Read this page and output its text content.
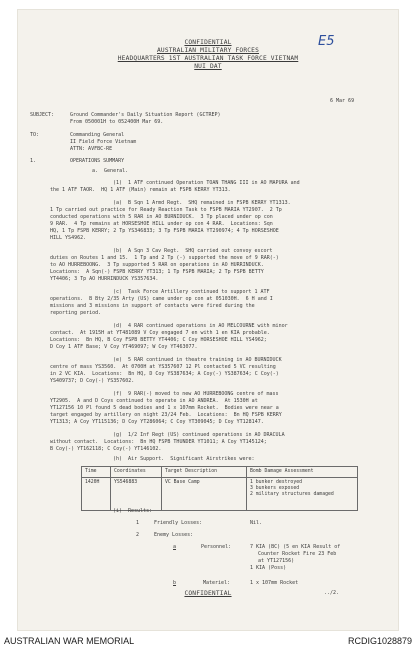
CONFIDENTIAL
AUSTRALIAN MILITARY FORCES
HEADQUARTERS 1ST AUSTRALIAN TASK FORCE VIETNAM
NUI DAT
E5
6 Mar 69
SUBJECT:	Ground Commander's Daily Situation Report (GCTREP)
From 050001H to 052400H Mar 69.
TO:	Commanding General
II Field Force Vietnam
ATTN: AVFBC-RE
1.	OPERATIONS SUMMARY
a.  General.
(1)  1 ATF continued Operation TOAN THANG III in AO MAPURA and
the 1 ATF TAOR.  HQ 1 ATF (Main) remain at FSPB KERRY YT313.
(a)  B Sqn 1 Armd Regt.  SHQ remained in FSPB KERRY YT1313.
1 Tp carried out practice for Ready Reaction Task to FSPB MARIA YT2907.  2 Tp
conducted operations with 5 RAR in AO BURNIDUCK.  3 Tp placed under op con
9 RAR.  4 Tp remains at HORSESHOE HILL under op con 4 RAR.  Locations: Sqn
HQ, 1 Tp FSPB KERRY; 2 Tp YS346833; 3 Tp FSPB MARIA YT290974; 4 Tp HORSESHOE
HILL YS4962.
(b)  A Sqn 3 Cav Regt.  SHQ carried out convoy escort
duties on Routes 1 and 15.  1 Tp and 2 Tp (-) supported the move of 9 RAR(-)
to AO HURREBOONG.  3 Tp supported 5 RAR on operations in AO HURRINDUCK.
Locations:  A Sqn(-) FSPB KERRY YT313; 1 Tp FSPB MARIA; 2 Tp FSPB BETTY
YT4406; 3 Tp AO HURRINDUCK YS357634.
(c)  Task Force Artillery continued to support 1 ATF
operations.  B Bty 2/35 Arty (US) came under op con at 051030H.  6 H and I
missions and 3 missions in support of contacts were fired during the
reporting period.
(d)  4 RAR continued operations in AO MELCOURNE with minor
contact.  At 1915H at YT481089 V Coy engaged 7 en with 1 en KIA probable.
Locations:  Bn HQ, B Coy FSPB BETTY YT4406; C Coy HORSESHOE HILL YS4962;
D Coy 1 ATF Base; V Coy YT469097; W Coy YT463077.
(e)  5 RAR continued in theatre training in AO BURNIDUCK
centre of mass YS3560.  At 0700H at YS357607 12 Pl contacted 5 VC resulting
in 2 VC KIA.  Locations:  Bn HQ, D Coy YS387634; A Coy(-) YS387634; C Coy(-)
YS409737; D Coy(-) YS357602.
(f)  9 RAR(-) moved to new AO HURREBOONG centre of mass
YT2905.  A and D Coys continued to operate in AO ANDREA.  At 1530H at
YT127156 10 Pl found 5 dead bodies and 1 x 107mm Rocket.  Bodies were near a
target engaged by artillery on night 23/24 Feb.  Locations:  Bn HQ FSPB KERRY
YT1313; A Coy YT115136; D Coy YT286064; C Coy YT309045; D Coy YT128147.
(g)  1/2 Inf Regt (US) continued operations in AO DRACULA
without contact.  Locations:  Bn HQ FSPB THUNDER YT1011; A Coy YT145124;
B Coy(-) YT162118; C Coy(-) YT146102.
(h)  Air Support.  Significant Airstrikes were:
Time	Coordinates	Target Description	Bomb Damage Assessment
1420H	YS546883	VC Base Camp	1 bunker destroyed
3 bunkers exposed
2 military structures damaged
(i)  Results:
1	Friendly Losses:	Nil.
2	Enemy Losses:
a	Personnel:	7 KIA (BC) (5 en KIA Result of
Counter Rocket Fire 23 Feb
at YT127156)
1 KIA (Poss)
b	Materiel:	1 x 107mm Rocket
CONFIDENTIAL	../2.
AUSTRALIAN WAR MEMORIAL	RCDIG1028879
